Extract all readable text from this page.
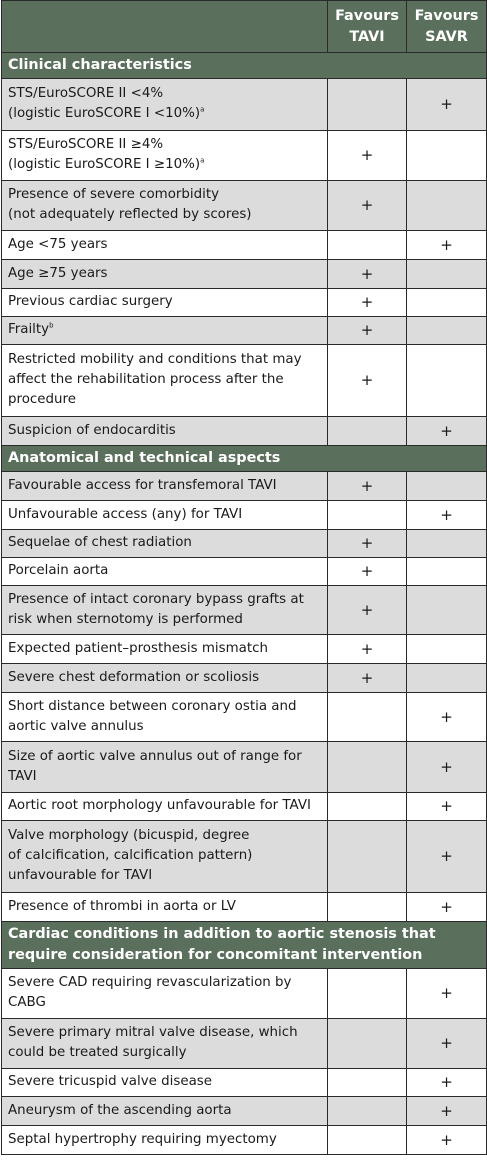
	Favours
TAVI	Favours
SAVR
Clinical characteristics		
STS/EuroSCORE II <4%
(logistic EuroSCORE I <10%)$^a$		+
STS/EuroSCORE II ≥4%
(logistic EuroSCORE I ≥10%)$^a$	+	
Presence of severe comorbidity
(not adequately reflected by scores)	+	
Age <75 years		+
Age ≥75 years	+	
Previous cardiac surgery	+	
Frailty$^b$	+	
Restricted mobility and conditions that may
affect the rehabilitation process after the
procedure	+	
Suspicion of endocarditis		+
Anatomical and technical aspects		
Favourable access for transfemoral TAVI	+	
Unfavourable access (any) for TAVI		+
Sequelae of chest radiation	+	
Porcelain aorta	+	
Presence of intact coronary bypass grafts at
risk when sternotomy is performed	+	
Expected patient–prosthesis mismatch	+	
Severe chest deformation or scoliosis	+	
Short distance between coronary ostia and
aortic valve annulus		+
Size of aortic valve annulus out of range for
TAVI		+
Aortic root morphology unfavourable for TAVI		+
Valve morphology (bicuspid, degree
of calcification, calcification pattern)
unfavourable for TAVI		+
Presence of thrombi in aorta or LV		+
Cardiac conditions in addition to aortic stenosis that
require consideration for concomitant intervention		
Severe CAD requiring revascularization by
CABG		+
Severe primary mitral valve disease, which
could be treated surgically		+
Severe tricuspid valve disease		+
Aneurysm of the ascending aorta		+
Septal hypertrophy requiring myectomy		+
